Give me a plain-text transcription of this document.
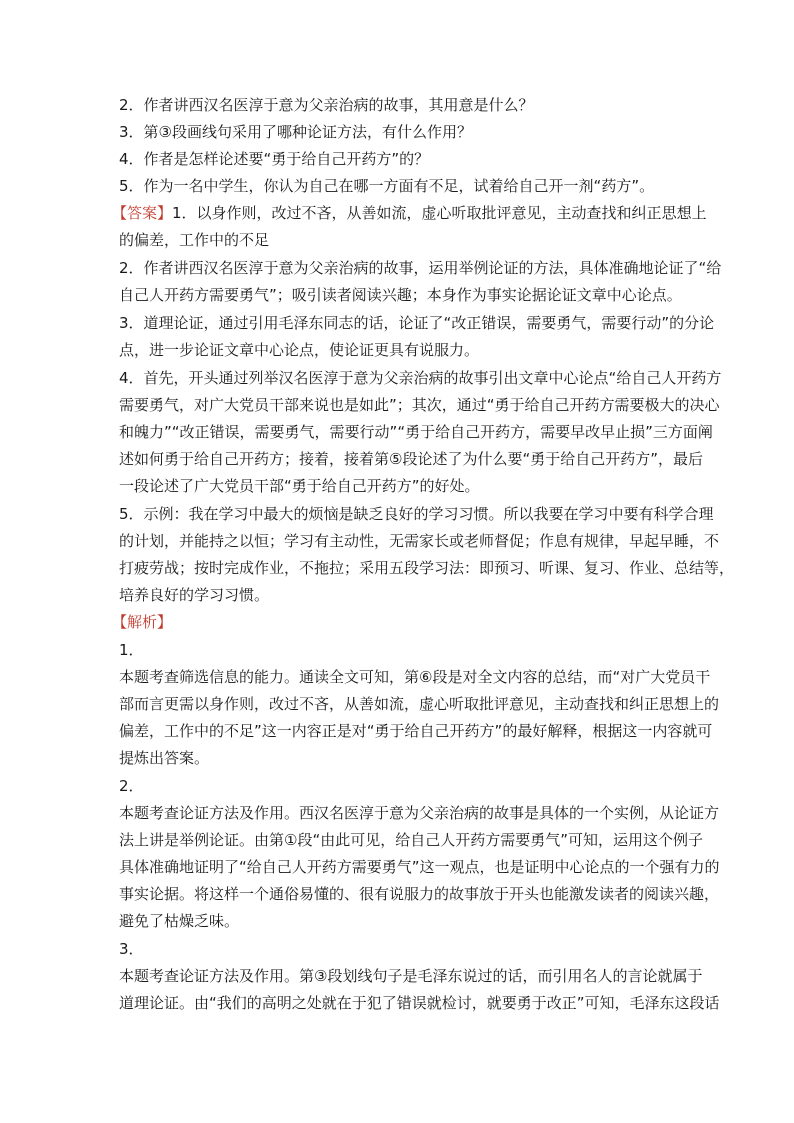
2．作者讲西汉名医淳于意为父亲治病的故事，其用意是什么？
3．第③段画线句采用了哪种论证方法，有什么作用？
4．作者是怎样论述要“勇于给自己开药方”的？
5．作为一名中学生，你认为自己在哪一方面有不足，试着给自己开一剂“药方”。
【答案】1．以身作则，改过不吝，从善如流，虚心听取批评意见，主动查找和纠正思想上
的偏差，工作中的不足
2．作者讲西汉名医淳于意为父亲治病的故事，运用举例论证的方法，具体准确地论证了“给
自己人开药方需要勇气”；吸引读者阅读兴趣；本身作为事实论据论证文章中心论点。
3．道理论证，通过引用毛泽东同志的话，论证了“改正错误，需要勇气，需要行动”的分论
点，进一步论证文章中心论点，使论证更具有说服力。
4．首先，开头通过列举汉名医淳于意为父亲治病的故事引出文章中心论点“给自己人开药方
需要勇气，对广大党员干部来说也是如此”；其次，通过“勇于给自己开药方需要极大的决心
和魄力”“改正错误，需要勇气，需要行动”“勇于给自己开药方，需要早改早止损”三方面阐
述如何勇于给自己开药方；接着，接着第⑤段论述了为什么要“勇于给自己开药方”，最后
一段论述了广大党员干部“勇于给自己开药方”的好处。
5．示例：我在学习中最大的烦恼是缺乏良好的学习习惯。所以我要在学习中要有科学合理
的计划，并能持之以恒；学习有主动性，无需家长或老师督促；作息有规律，早起早睡，不
打疲劳战；按时完成作业，不拖拉；采用五段学习法：即预习、听课、复习、作业、总结等，
培养良好的学习习惯。
【解析】
1．
本题考查筛选信息的能力。通读全文可知，第⑥段是对全文内容的总结，而“对广大党员干
部而言更需以身作则，改过不吝，从善如流，虚心听取批评意见，主动查找和纠正思想上的
偏差，工作中的不足”这一内容正是对“勇于给自己开药方”的最好解释，根据这一内容就可
提炼出答案。
2．
本题考查论证方法及作用。西汉名医淳于意为父亲治病的故事是具体的一个实例，从论证方
法上讲是举例论证。由第①段“由此可见，给自己人开药方需要勇气”可知，运用这个例子
具体准确地证明了“给自己人开药方需要勇气”这一观点，也是证明中心论点的一个强有力的
事实论据。将这样一个通俗易懂的、很有说服力的故事放于开头也能激发读者的阅读兴趣，
避免了枯燥乏味。
3．
本题考查论证方法及作用。第③段划线句子是毛泽东说过的话，而引用名人的言论就属于
道理论证。由“我们的高明之处就在于犯了错误就检讨，就要勇于改正”可知，毛泽东这段话
